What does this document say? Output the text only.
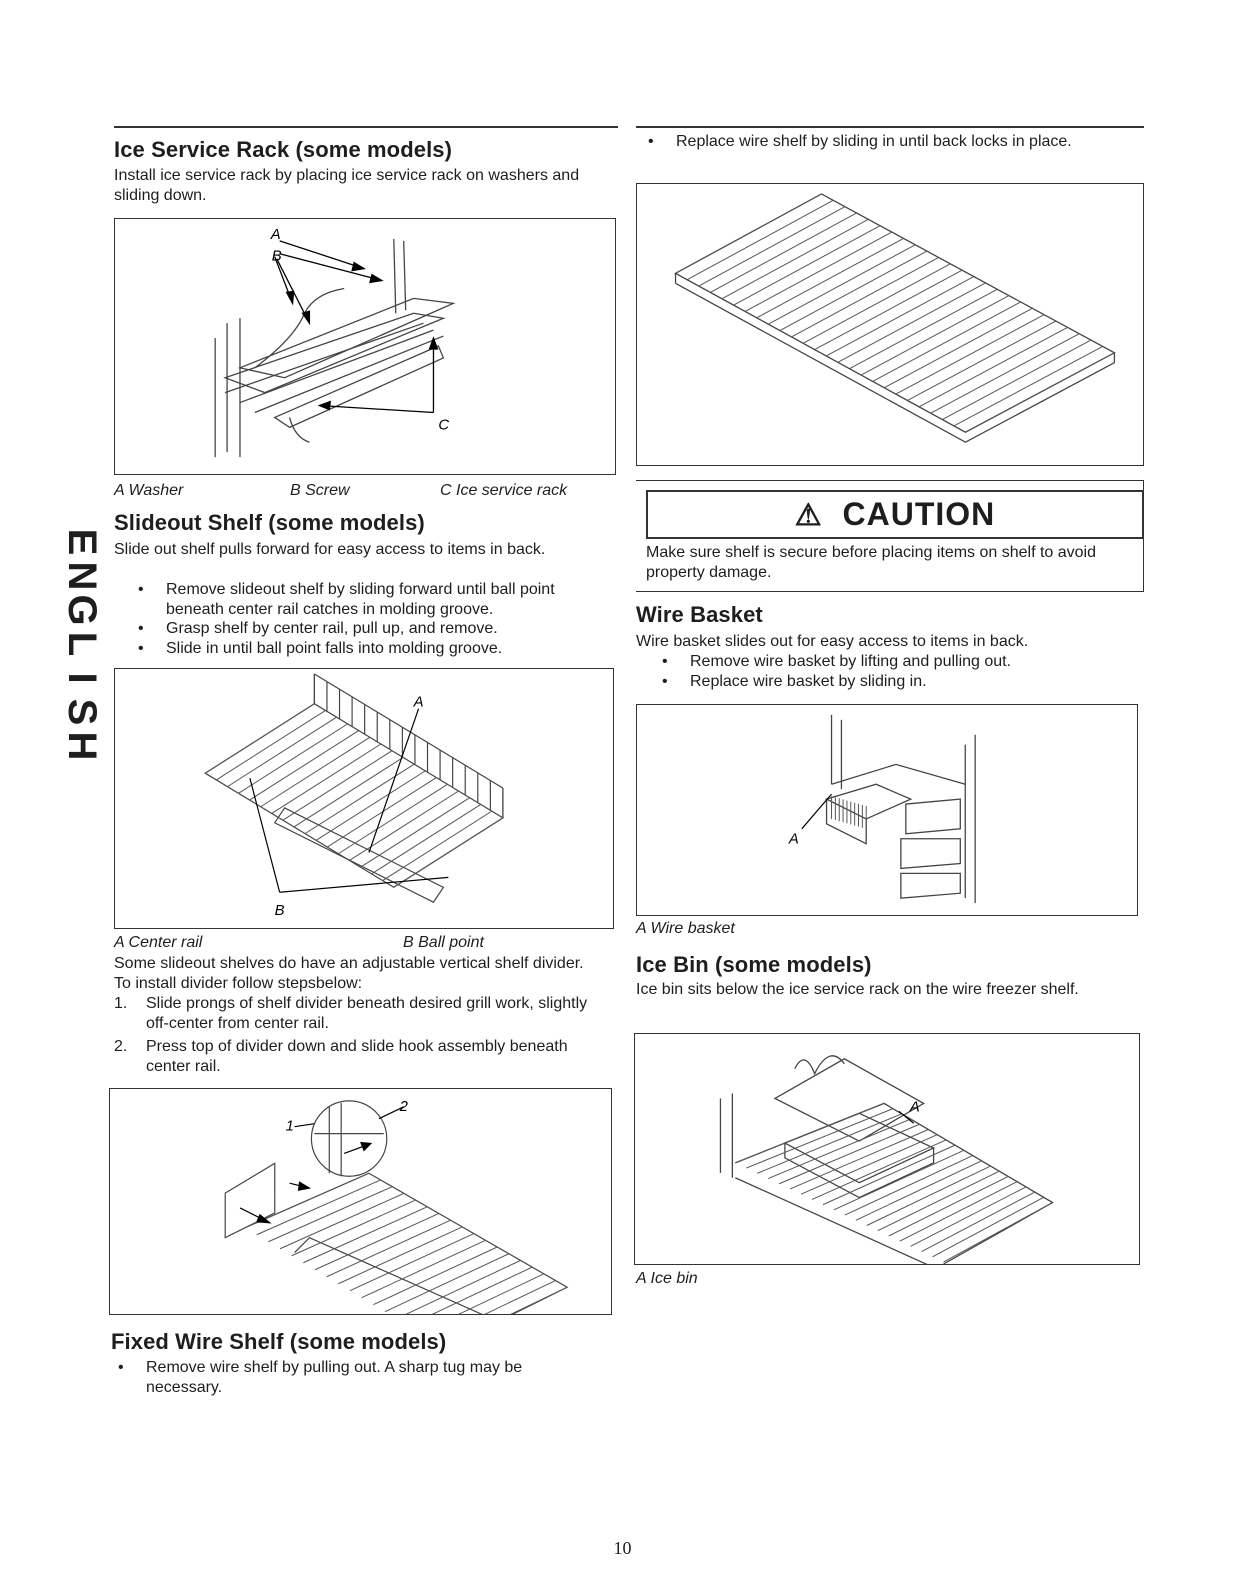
E
N
G
L
I
S
H
Ice Service Rack (some models)

Install ice service rack by placing ice service rack on washers and sliding down.

A
B
C
A Washer	B Screw	C Ice service rack
Slideout Shelf (some models)

Slide out shelf pulls forward for easy access to items in back.

• Remove slideout shelf by sliding forward until ball point beneath center rail catches in molding groove.
• Grasp shelf by center rail, pull up, and remove.
• Slide in until ball point falls into molding groove.
A
B
A Center rail	B Ball point

Some slideout shelves do have an adjustable vertical shelf divider. To install divider follow stepsbelow:

1. Slide prongs of shelf divider beneath desired grill work, slightly off-center from center rail.
2. Press top of divider down and slide hook assembly beneath center rail.
1
2
Fixed Wire Shelf (some models)
• Remove wire shelf by pulling out. A sharp tug may be necessary.
• Replace wire shelf by sliding in until back locks in place.
⚠ CAUTION

Make sure shelf is secure before placing items on shelf to avoid property damage.

Wire Basket

Wire basket slides out for easy access to items in back.

• Remove wire basket by lifting and pulling out.
• Replace wire basket by sliding in.
A
A Wire basket
Ice Bin (some models)

Ice bin sits below the ice service rack on the wire freezer shelf.

A
A Ice bin
10
